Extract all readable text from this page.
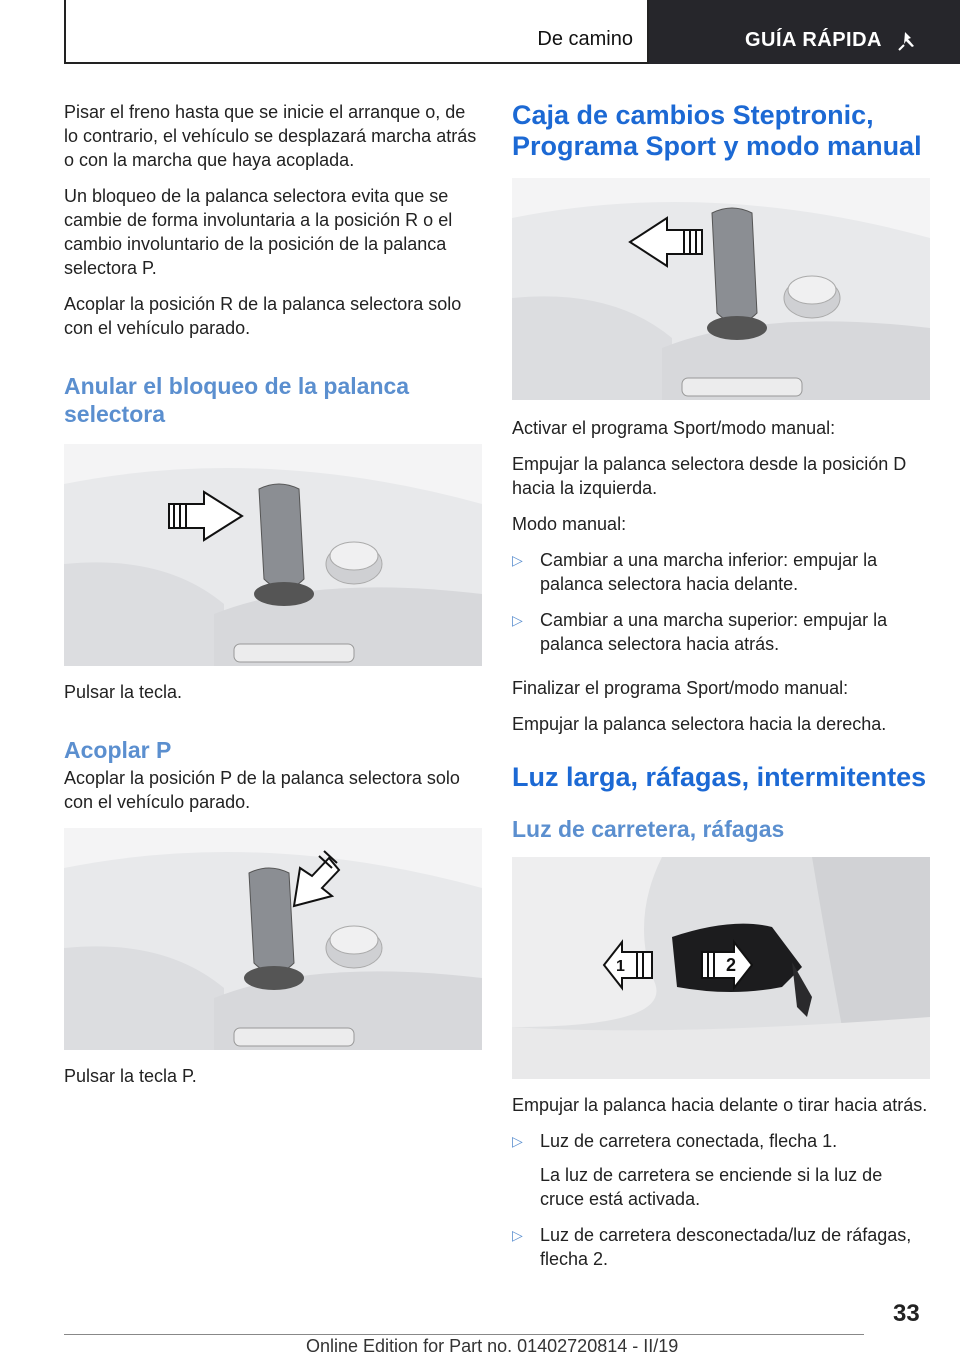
De camino	GUÍA RÁPIDA

Pisar el freno hasta que se inicie el arranque o, de lo contrario, el vehículo se desplazará marcha atrás o con la marcha que haya acoplada.

Un bloqueo de la palanca selectora evita que se cambie de forma involuntaria a la posición R o el cambio involuntario de la posición de la palanca selectora P.

Acoplar la posición R de la palanca selectora solo con el vehículo parado.

Anular el bloqueo de la palanca selectora

Pulsar la tecla.

Acoplar P

Acoplar la posición P de la palanca selectora solo con el vehículo parado.

Pulsar la tecla P.

Caja de cambios Steptronic, Programa Sport y modo manual

Activar el programa Sport/modo manual:

Empujar la palanca selectora desde la posición D hacia la izquierda.

Modo manual:

▷ Cambiar a una marcha inferior: empujar la palanca selectora hacia delante.
▷ Cambiar a una marcha superior: empujar la palanca selectora hacia atrás.

Finalizar el programa Sport/modo manual:

Empujar la palanca selectora hacia la derecha.

Luz larga, ráfagas, intermitentes
Luz de carretera, ráfagas
1	2

Empujar la palanca hacia delante o tirar hacia atrás.

▷ Luz de carretera conectada, flecha 1.
La luz de carretera se enciende si la luz de cruce está activada.
▷ Luz de carretera desconectada/luz de ráfagas, flecha 2.
33
Online Edition for Part no. 01402720814 - II/19
